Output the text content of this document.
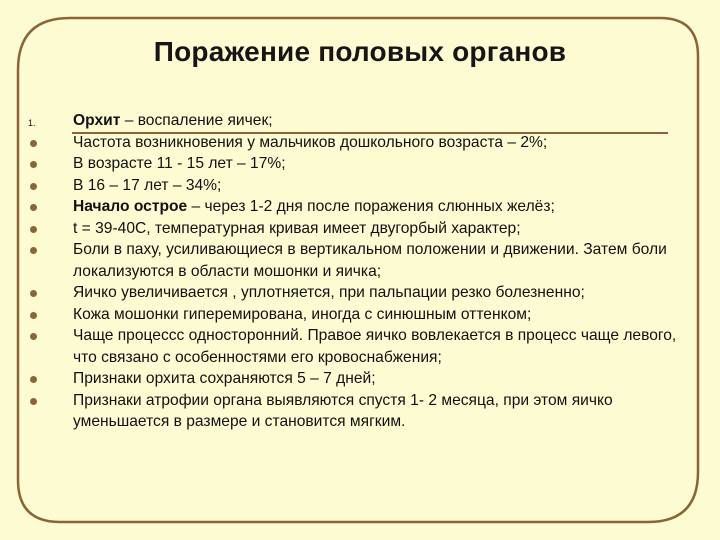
Поражение половых органов
1.	Орхит – воспаление яичек;
Частота возникновения у мальчиков дошкольного возраста – 2%;
В возрасте 11 - 15 лет – 17%;
В 16 – 17 лет – 34%;
Начало острое – через 1-2 дня после поражения слюнных желёз;
t = 39-40С, температурная кривая имеет двугорбый характер;
Боли в паху, усиливающиеся в вертикальном положении и движении. Затем боли локализуются в области мошонки и яичка;
Яичко увеличивается , уплотняется, при пальпации резко болезненно;
Кожа мошонки гиперемирована, иногда с синюшным оттенком;
Чаще процессс односторонний. Правое яичко вовлекается в процесс чаще левого, что связано с особенностями его кровоснабжения;
Признаки орхита сохраняются 5 – 7 дней;
Признаки атрофии органа выявляются спустя 1- 2 месяца, при этом яичко уменьшается в размере и становится мягким.
